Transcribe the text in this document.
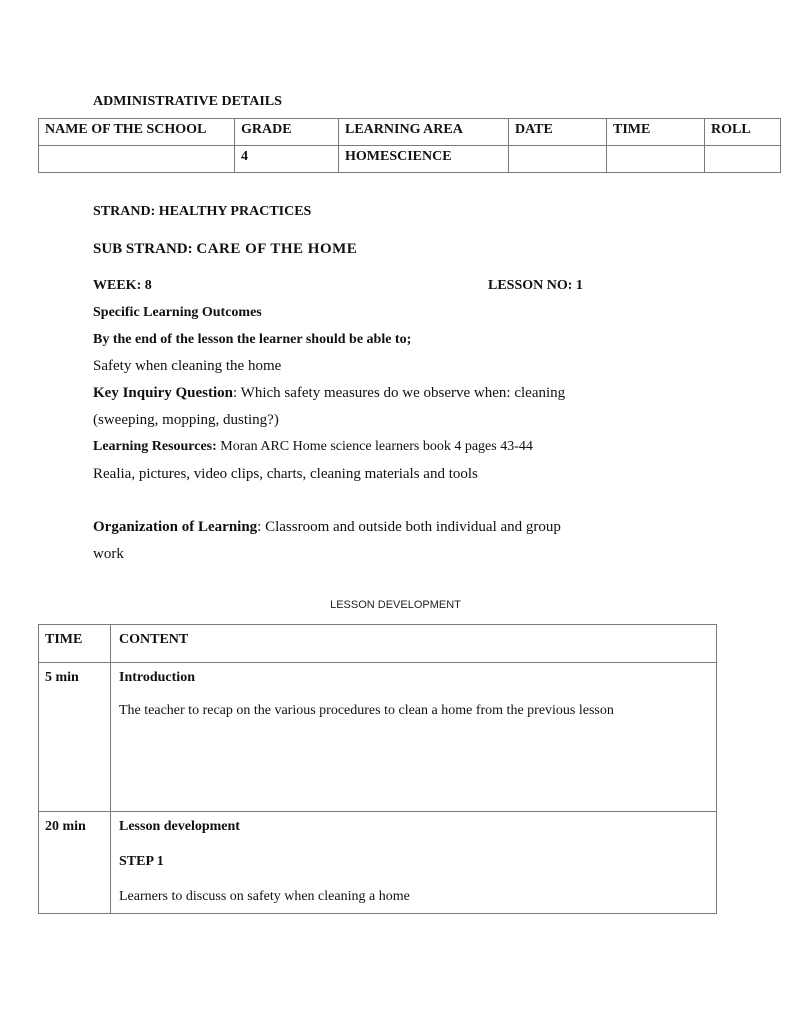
ADMINISTRATIVE DETAILS
NAME OF THE SCHOOL	GRADE	LEARNING AREA	DATE	TIME	ROLL
	4	HOMESCIENCE			
STRAND: HEALTHY PRACTICES
SUB STRAND: CARE OF THE HOME
WEEK: 8	LESSON NO: 1
Specific Learning Outcomes
By the end of the lesson the learner should be able to;
Safety when cleaning the home
Key Inquiry Question: Which safety measures do we observe when: cleaning
(sweeping, mopping, dusting?)
Learning Resources: Moran ARC Home science learners book 4 pages 43-44
Realia, pictures, video clips, charts, cleaning materials and tools
Organization of Learning: Classroom and outside both individual and group
work
LESSON DEVELOPMENT
TIME	CONTENT
5 min	Introduction
The teacher to recap on the various procedures to clean a home from the previous lesson

20 min	Lesson development
STEP 1
Learners to discuss on safety when cleaning a home
